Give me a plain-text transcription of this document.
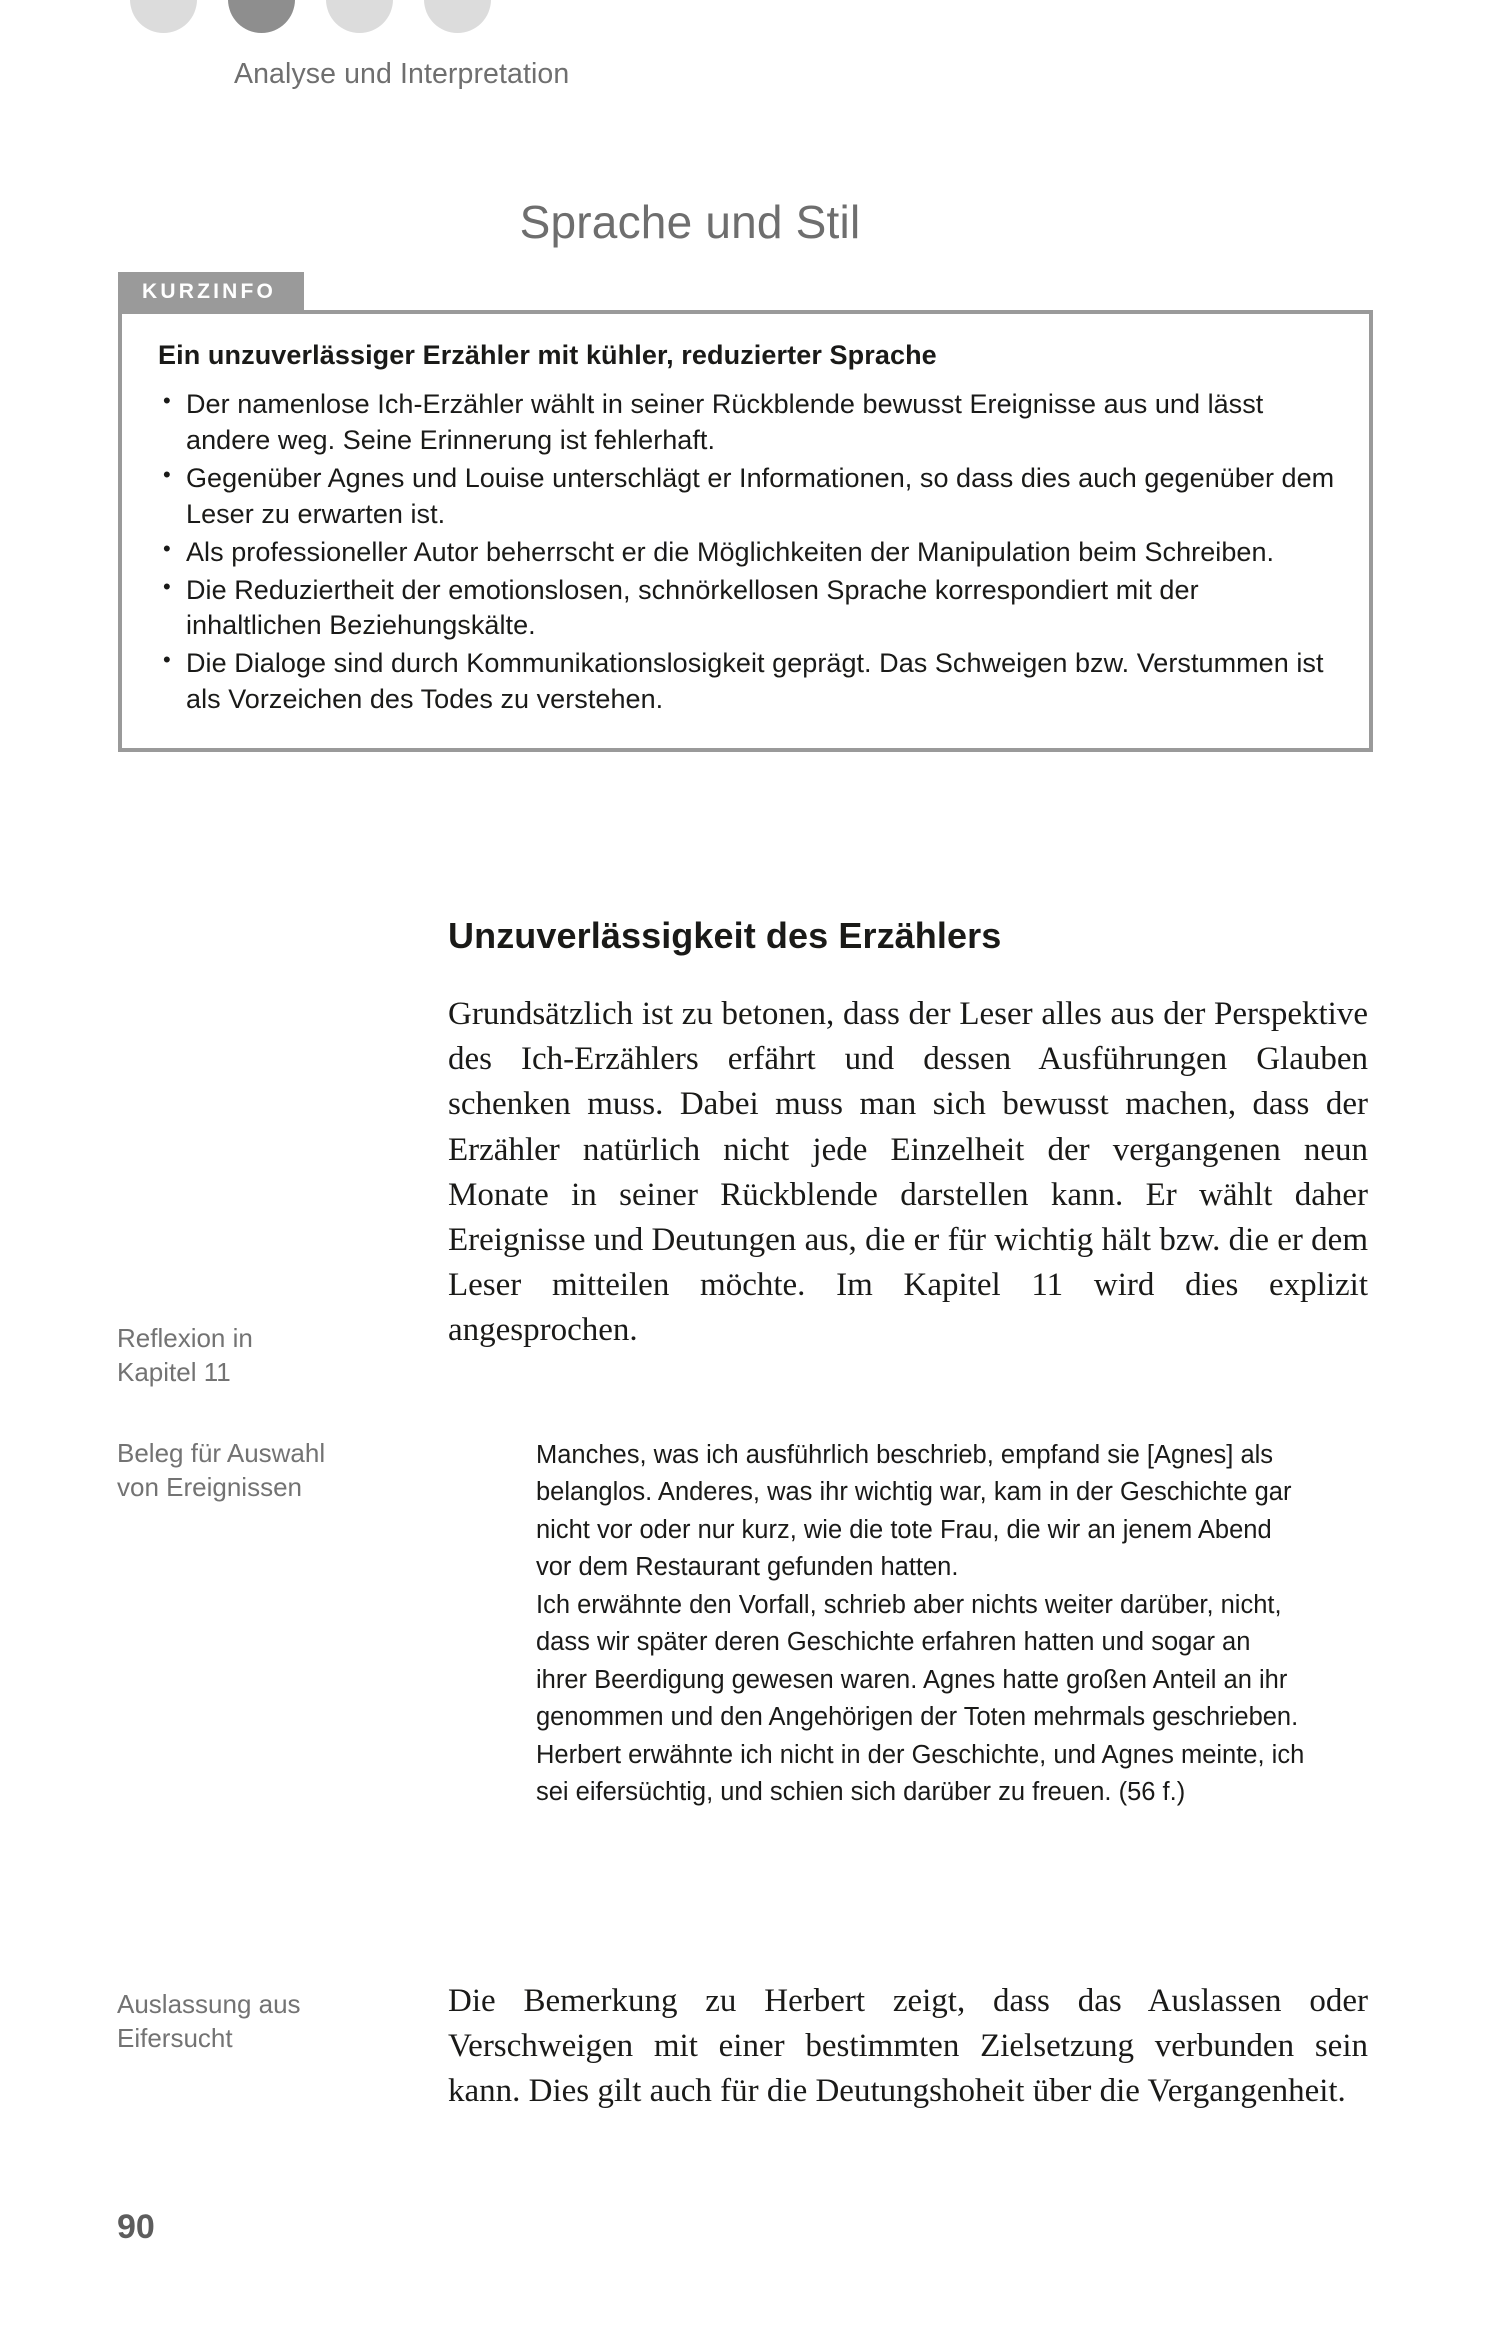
Analyse und Interpretation
Sprache und Stil
KURZINFO
Ein unzuverlässiger Erzähler mit kühler, reduzierter Sprache
• Der namenlose Ich-Erzähler wählt in seiner Rückblende bewusst Ereignisse aus und lässt andere weg. Seine Erinnerung ist fehlerhaft.
• Gegenüber Agnes und Louise unterschlägt er Informationen, so dass dies auch gegenüber dem Leser zu erwarten ist.
• Als professioneller Autor beherrscht er die Möglichkeiten der Manipulation beim Schreiben.
• Die Reduziertheit der emotionslosen, schnörkellosen Sprache korrespondiert mit der inhaltlichen Beziehungskälte.
• Die Dialoge sind durch Kommunikationslosigkeit geprägt. Das Schweigen bzw. Verstummen ist als Vorzeichen des Todes zu verstehen.
Unzuverlässigkeit des Erzählers

Grundsätzlich ist zu betonen, dass der Leser alles aus der Perspektive des Ich-Erzählers erfährt und dessen Ausführungen Glauben schenken muss. Dabei muss man sich bewusst machen, dass der Erzähler natürlich nicht jede Einzelheit der vergangenen neun Monate in seiner Rückblende darstellen kann. Er wählt daher Ereignisse und Deutungen aus, die er für wichtig hält bzw. die er dem Leser mitteilen möchte. Im Kapitel 11 wird dies explizit angesprochen.

Reflexion in
Kapitel 11
Beleg für Auswahl
von Ereignissen
Auslassung aus
Eifersucht

Manches, was ich ausführlich beschrieb, empfand sie [Agnes] als belanglos. Anderes, was ihr wichtig war, kam in der Geschichte gar nicht vor oder nur kurz, wie die tote Frau, die wir an jenem Abend vor dem Restaurant gefunden hatten.

Ich erwähnte den Vorfall, schrieb aber nichts weiter darüber, nicht, dass wir später deren Geschichte erfahren hatten und sogar an ihrer Beerdigung gewesen waren. Agnes hatte großen Anteil an ihr genommen und den Angehörigen der Toten mehrmals geschrieben.

Herbert erwähnte ich nicht in der Geschichte, und Agnes meinte, ich sei eifersüchtig, und schien sich darüber zu freuen. (56 f.)

Die Bemerkung zu Herbert zeigt, dass das Auslassen oder Verschweigen mit einer bestimmten Zielsetzung verbunden sein kann. Dies gilt auch für die Deutungshoheit über die Vergangenheit.

90
